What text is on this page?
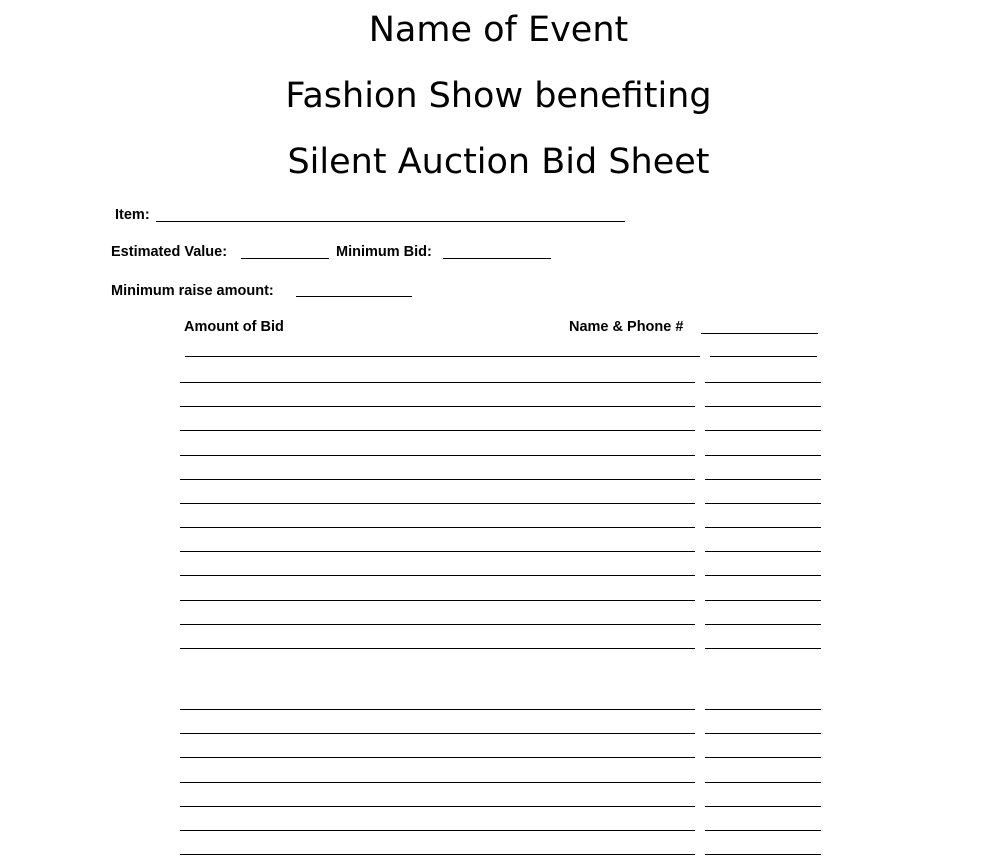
Name of Event
Fashion Show benefiting
Silent Auction Bid Sheet
Item:
Estimated Value:	Minimum Bid:
Minimum raise amount:
Amount of Bid	Name & Phone #
